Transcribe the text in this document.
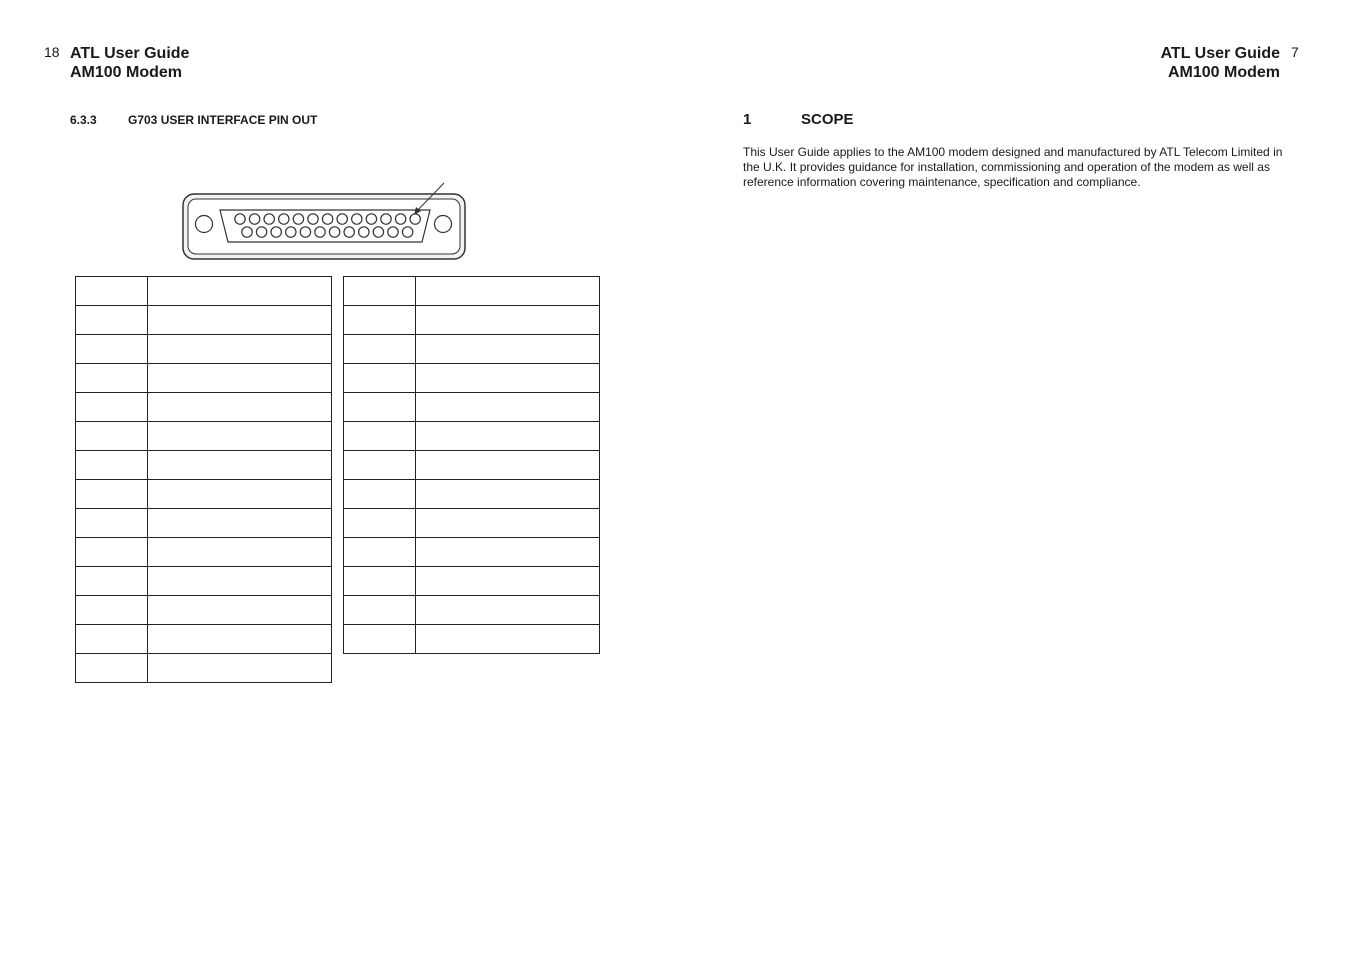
18 ATL User Guide
AM100 Modem
6.3.3	G703 USER INTERFACE PIN OUT

ATL User Guide
AM100 Modem
7
1	SCOPE
This User Guide applies to the AM100 modem designed and manufactured by ATL Telecom Limited in the U.K. It provides guidance for installation, commissioning and operation of the modem as well as reference information covering maintenance, specification and compliance.
